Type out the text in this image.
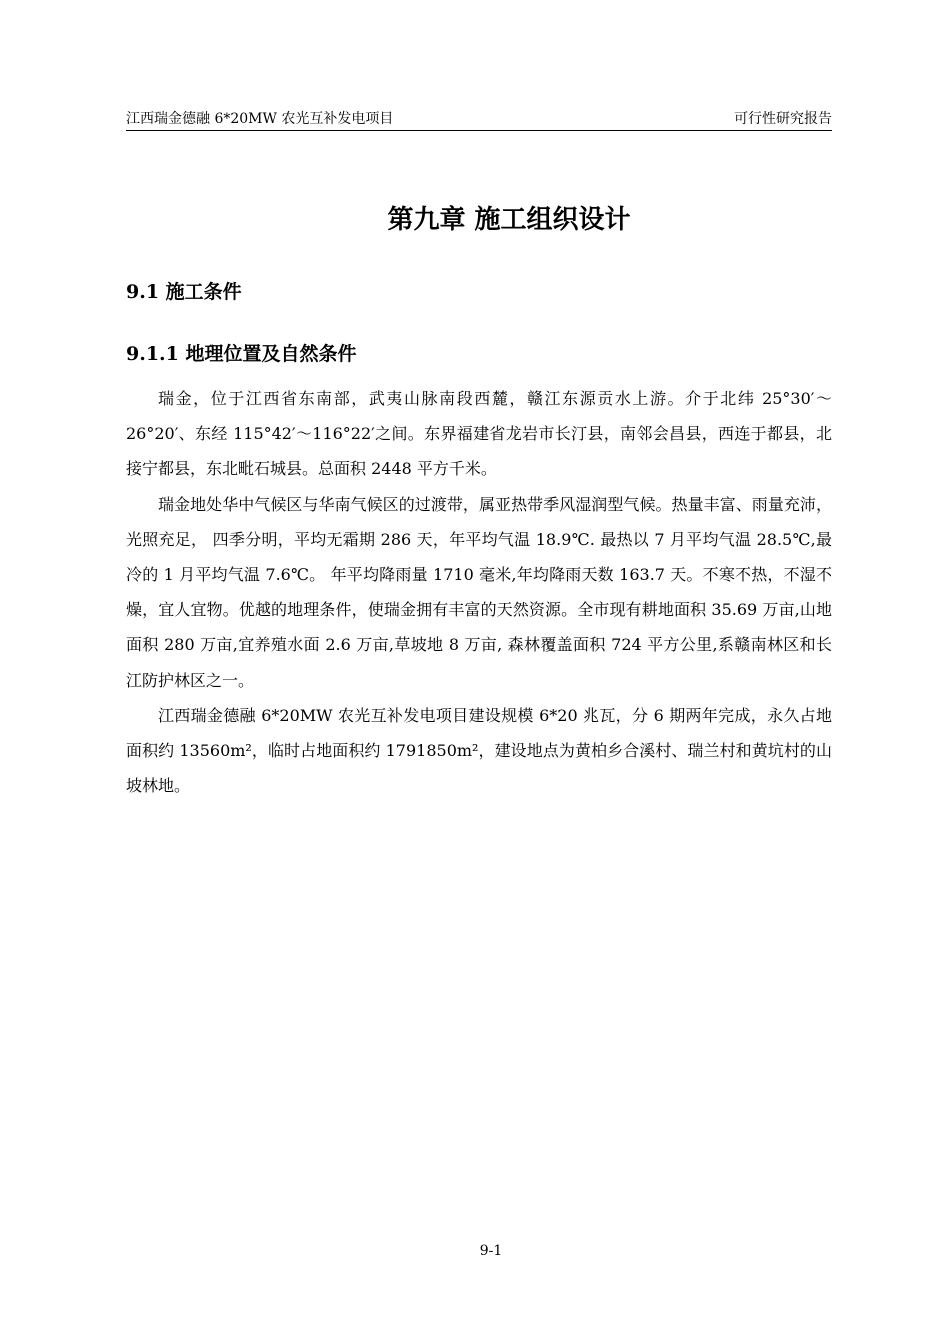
江西瑞金德融 6*20MW 农光互补发电项目	可行性研究报告
第九章 施工组织设计
9.1 施工条件
9.1.1 地理位置及自然条件

瑞金，位于江西省东南部，武夷山脉南段西麓，赣江东源贡水上游。介于北纬 25°30′～26°20′、东经 115°42′～116°22′之间。东界福建省龙岩市长汀县，南邻会昌县，西连于都县，北接宁都县，东北毗石城县。总面积 2448 平方千米。

瑞金地处华中气候区与华南气候区的过渡带，属亚热带季风湿润型气候。热量丰富、雨量充沛，光照充足， 四季分明，平均无霜期 286 天，年平均气温 18.9℃. 最热以 7 月平均气温 28.5℃,最冷的 1 月平均气温 7.6℃。 年平均降雨量 1710 毫米,年均降雨天数 163.7 天。不寒不热，不湿不燥，宜人宜物。优越的地理条件，使瑞金拥有丰富的天然资源。全市现有耕地面积 35.69 万亩,山地面积 280 万亩,宜养殖水面 2.6 万亩,草坡地 8 万亩, 森林覆盖面积 724 平方公里,系赣南林区和长江防护林区之一。

江西瑞金德融 6*20MW 农光互补发电项目建设规模 6*20 兆瓦，分 6 期两年完成，永久占地面积约 13560m²，临时占地面积约 1791850m²，建设地点为黄柏乡合溪村、瑞兰村和黄坑村的山坡林地。

9-1
